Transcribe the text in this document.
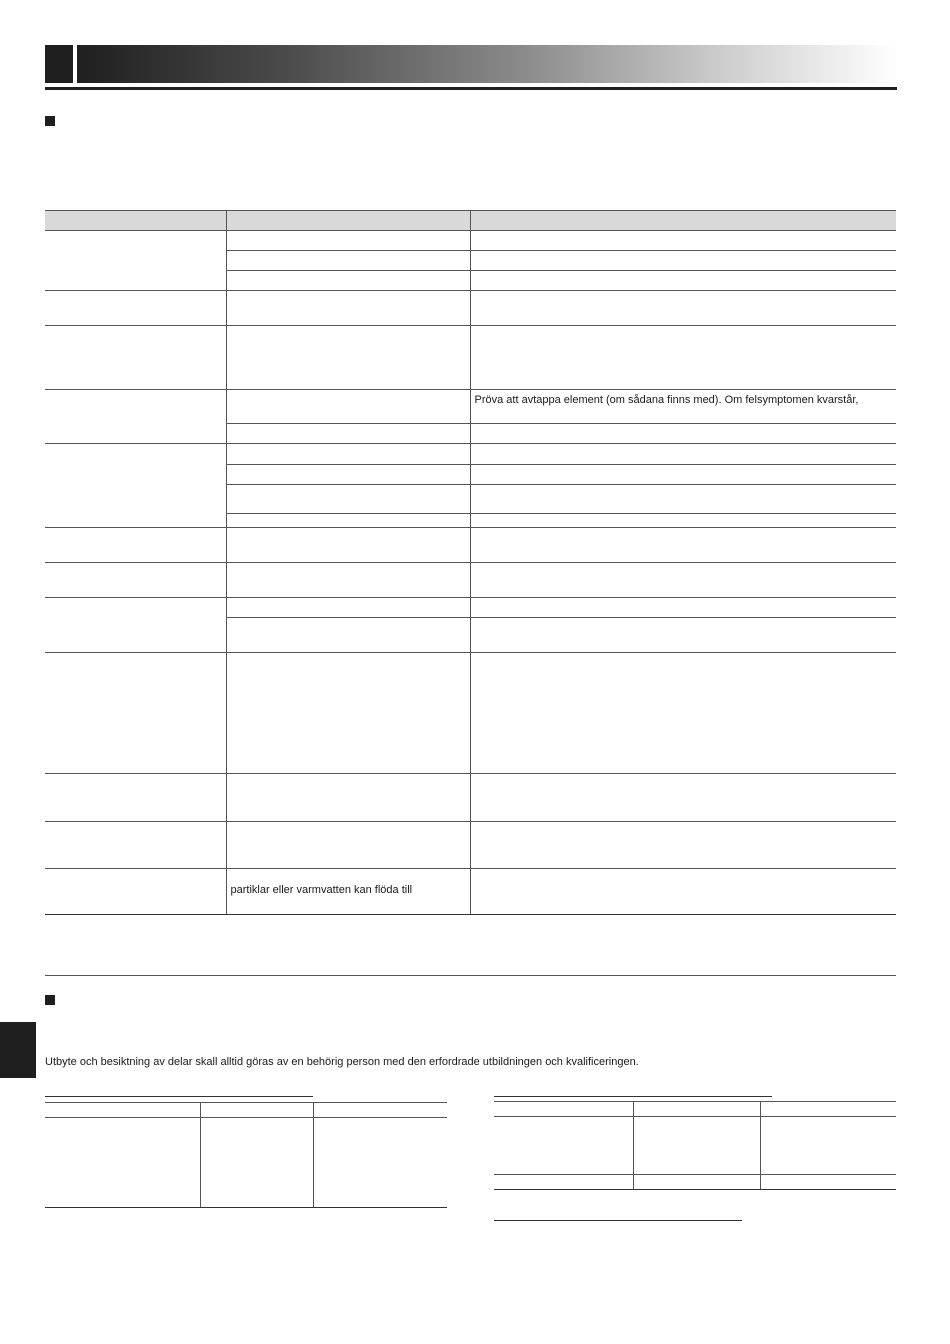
		Pröva att avtappa element (om sådana finns med). Om felsymptomen kvarstår,

	partiklar eller varmvatten kan flöda till	

Utbyte och besiktning av delar skall alltid göras av en behörig person med den erfordrade utbildningen och kvalificeringen.
